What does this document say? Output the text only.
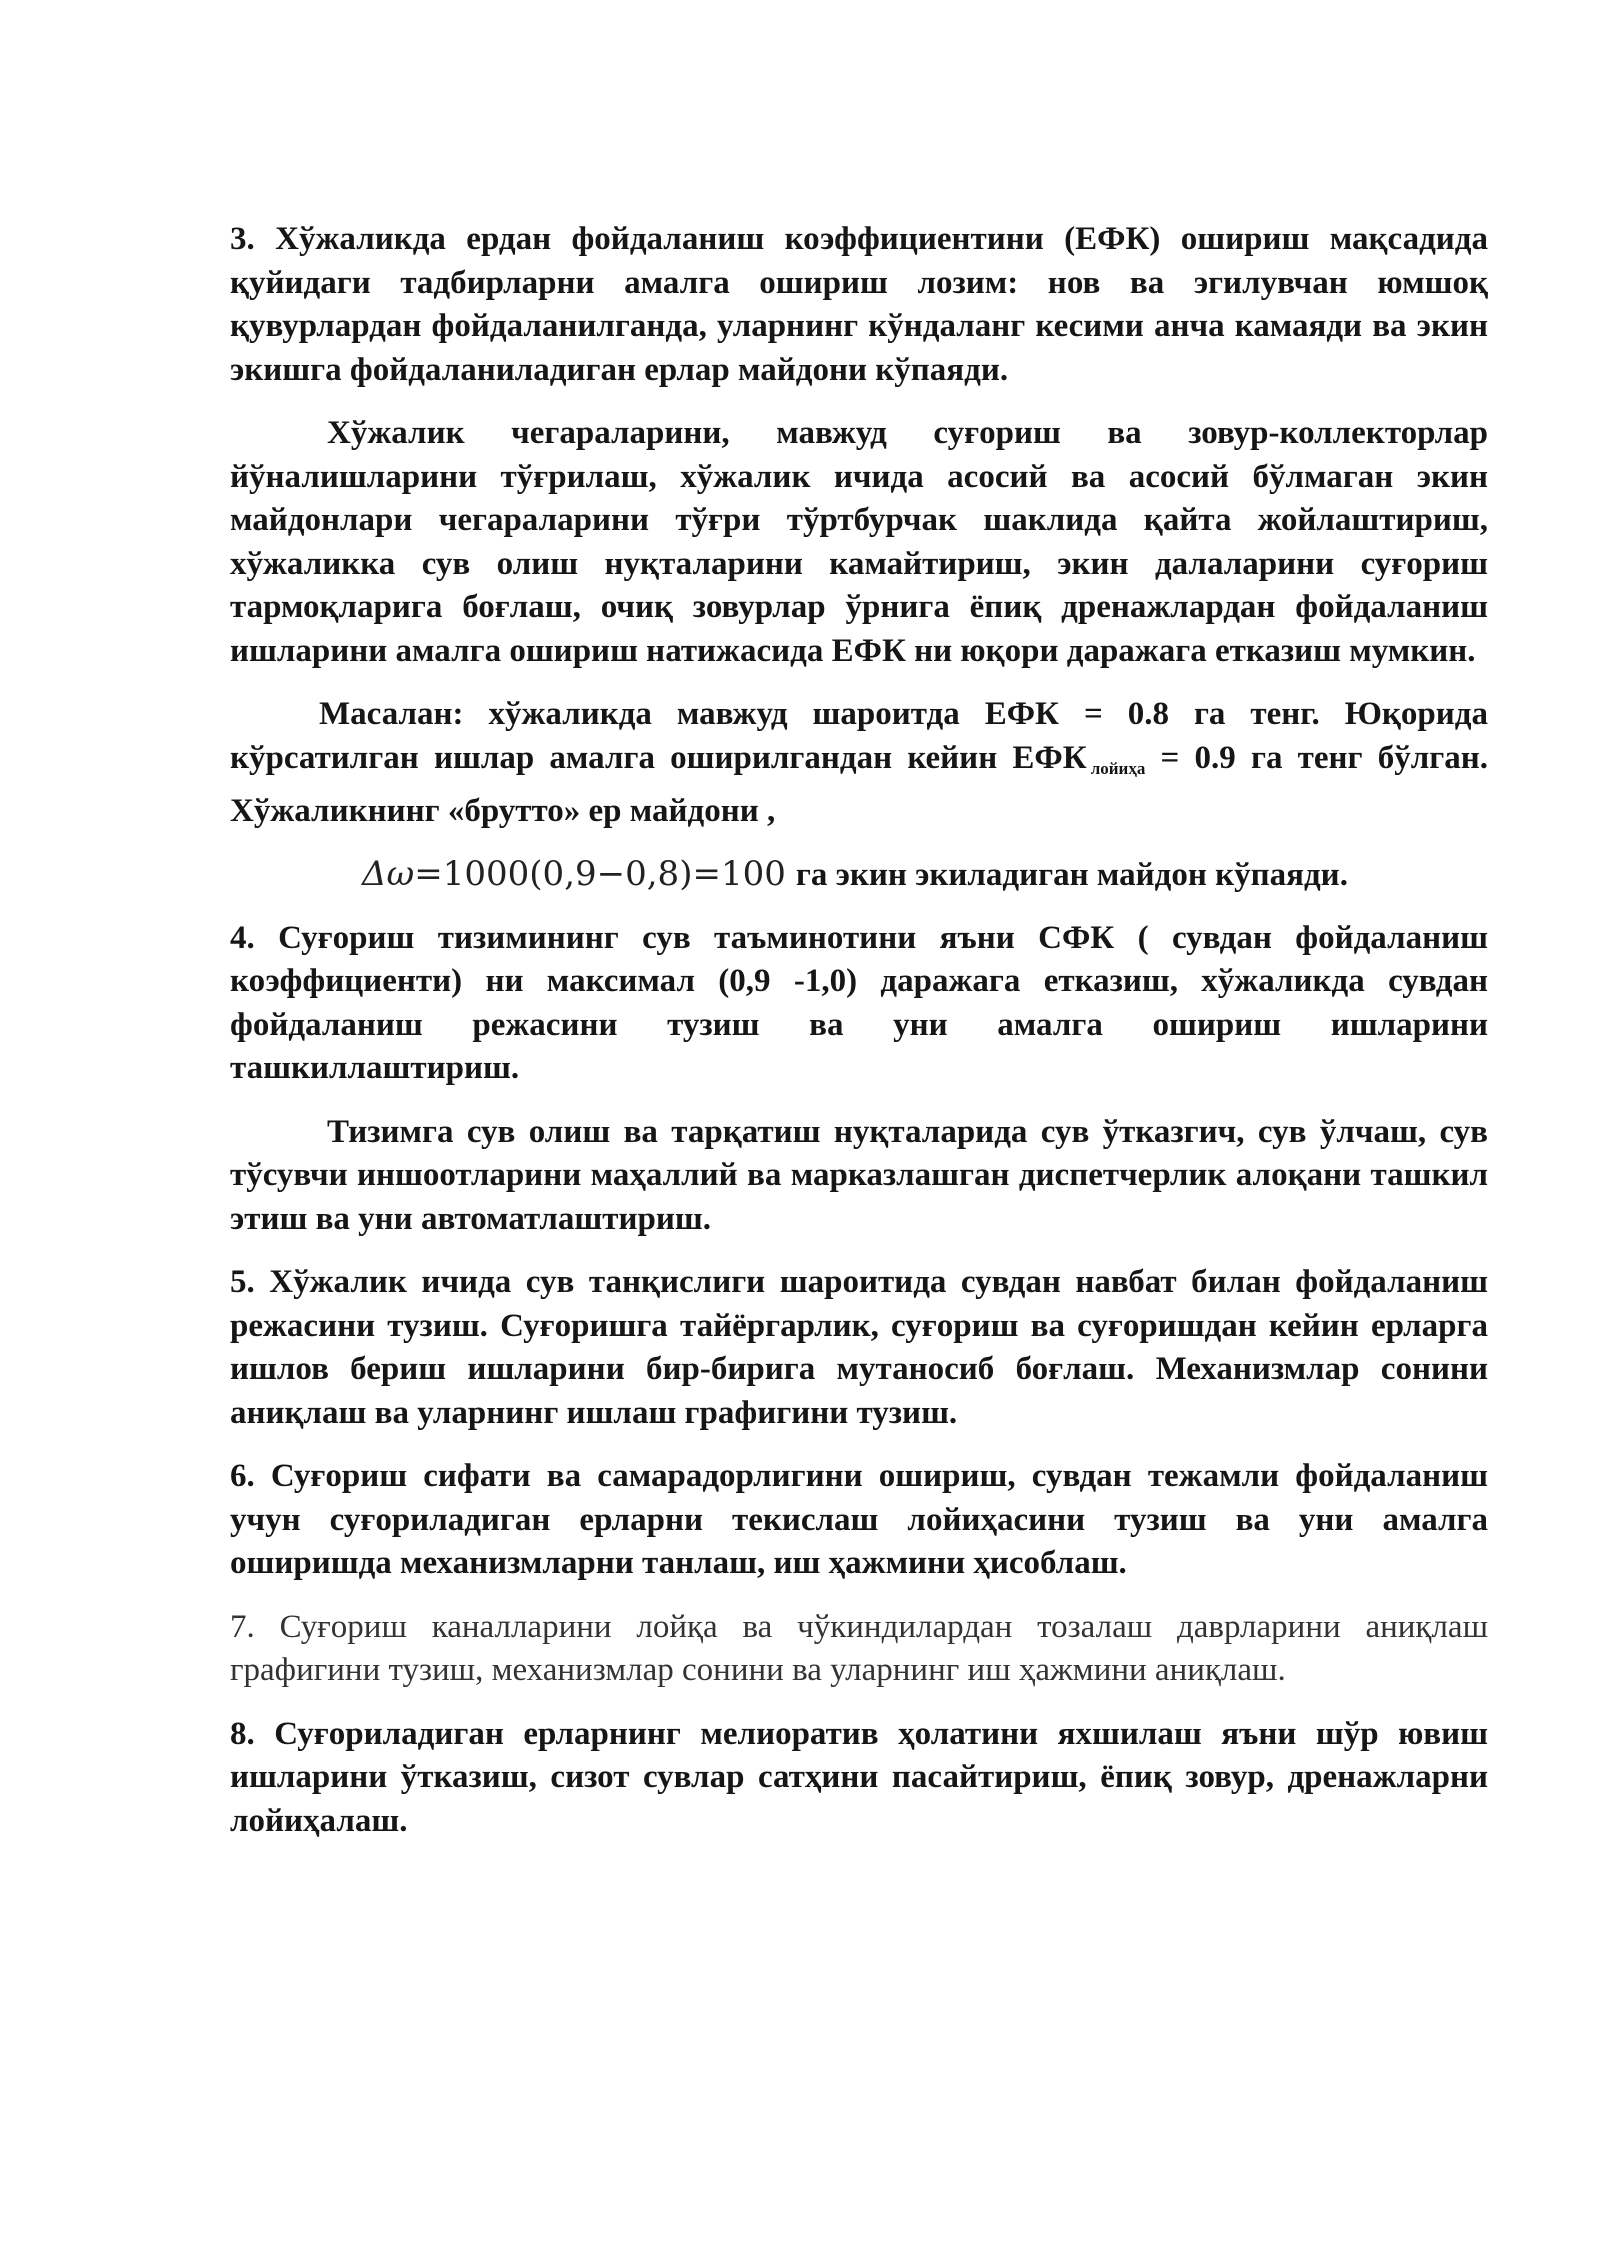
3. Хўжаликда ердан фойдаланиш коэффициентини (ЕФК) ошириш мақсадида қуйидаги тадбирларни амалга ошириш лозим: нов ва эгилувчан юмшоқ қувурлардан фойдаланилганда, уларнинг кўндаланг кесими анча камаяди ва экин экишга фойдаланиладиган ерлар майдони кўпаяди.

Хўжалик чегараларини, мавжуд суғориш ва зовур-коллекторлар йўналишларини тўғрилаш, хўжалик ичида асосий ва асосий бўлмаган экин майдонлари чегараларини тўғри тўртбурчак шаклида қайта жойлаштириш, хўжаликка сув олиш нуқталарини камайтириш, экин далаларини суғориш тармоқларига боғлаш, очиқ зовурлар ўрнига ёпиқ дренажлардан фойдаланиш ишларини амалга ошириш натижасида ЕФК ни юқори даражага етказиш мумкин.

Масалан: хўжаликда мавжуд шароитда ЕФК = 0.8 га тенг. Юқорида кўрсатилган ишлар амалга оширилгандан кейин ЕФК $_{лойиҳа}$ = 0.9 га тенг бўлган. Хўжаликнинг «брутто» ер майдони ,

Δω=1000(0,9−0,8)=100 га экин экиладиган майдон кўпаяди.

4. Суғориш тизимининг сув таъминотини яъни СФК ( сувдан фойдаланиш коэффициенти) ни максимал (0,9 -1,0) даражага етказиш, хўжаликда сувдан фойдаланиш режасини тузиш ва уни амалга ошириш ишларини ташкиллаштириш.

Тизимга сув олиш ва тарқатиш нуқталарида сув ўтказгич, сув ўлчаш, сув тўсувчи иншоотларини маҳаллий ва марказлашган диспетчерлик алоқани ташкил этиш ва уни автоматлаштириш.

5. Хўжалик ичида сув танқислиги шароитида сувдан навбат билан фойдаланиш режасини тузиш. Суғоришга тайёргарлик, суғориш ва суғоришдан кейин ерларга ишлов бериш ишларини бир-бирига мутаносиб боғлаш. Механизмлар сонини аниқлаш ва уларнинг ишлаш графигини тузиш.

6. Суғориш сифати ва самарадорлигини ошириш, сувдан тежамли фойдаланиш учун суғориладиган ерларни текислаш лойиҳасини тузиш ва уни амалга оширишда механизмларни танлаш, иш ҳажмини ҳисоблаш.

7. Суғориш каналларини лойқа ва чўкиндилардан тозалаш даврларини аниқлаш графигини тузиш, механизмлар сонини ва уларнинг иш ҳажмини аниқлаш.

8. Суғориладиган ерларнинг мелиоратив ҳолатини яхшилаш яъни шўр ювиш ишларини ўтказиш, сизот сувлар сатҳини пасайтириш, ёпиқ зовур, дренажларни лойиҳалаш.
